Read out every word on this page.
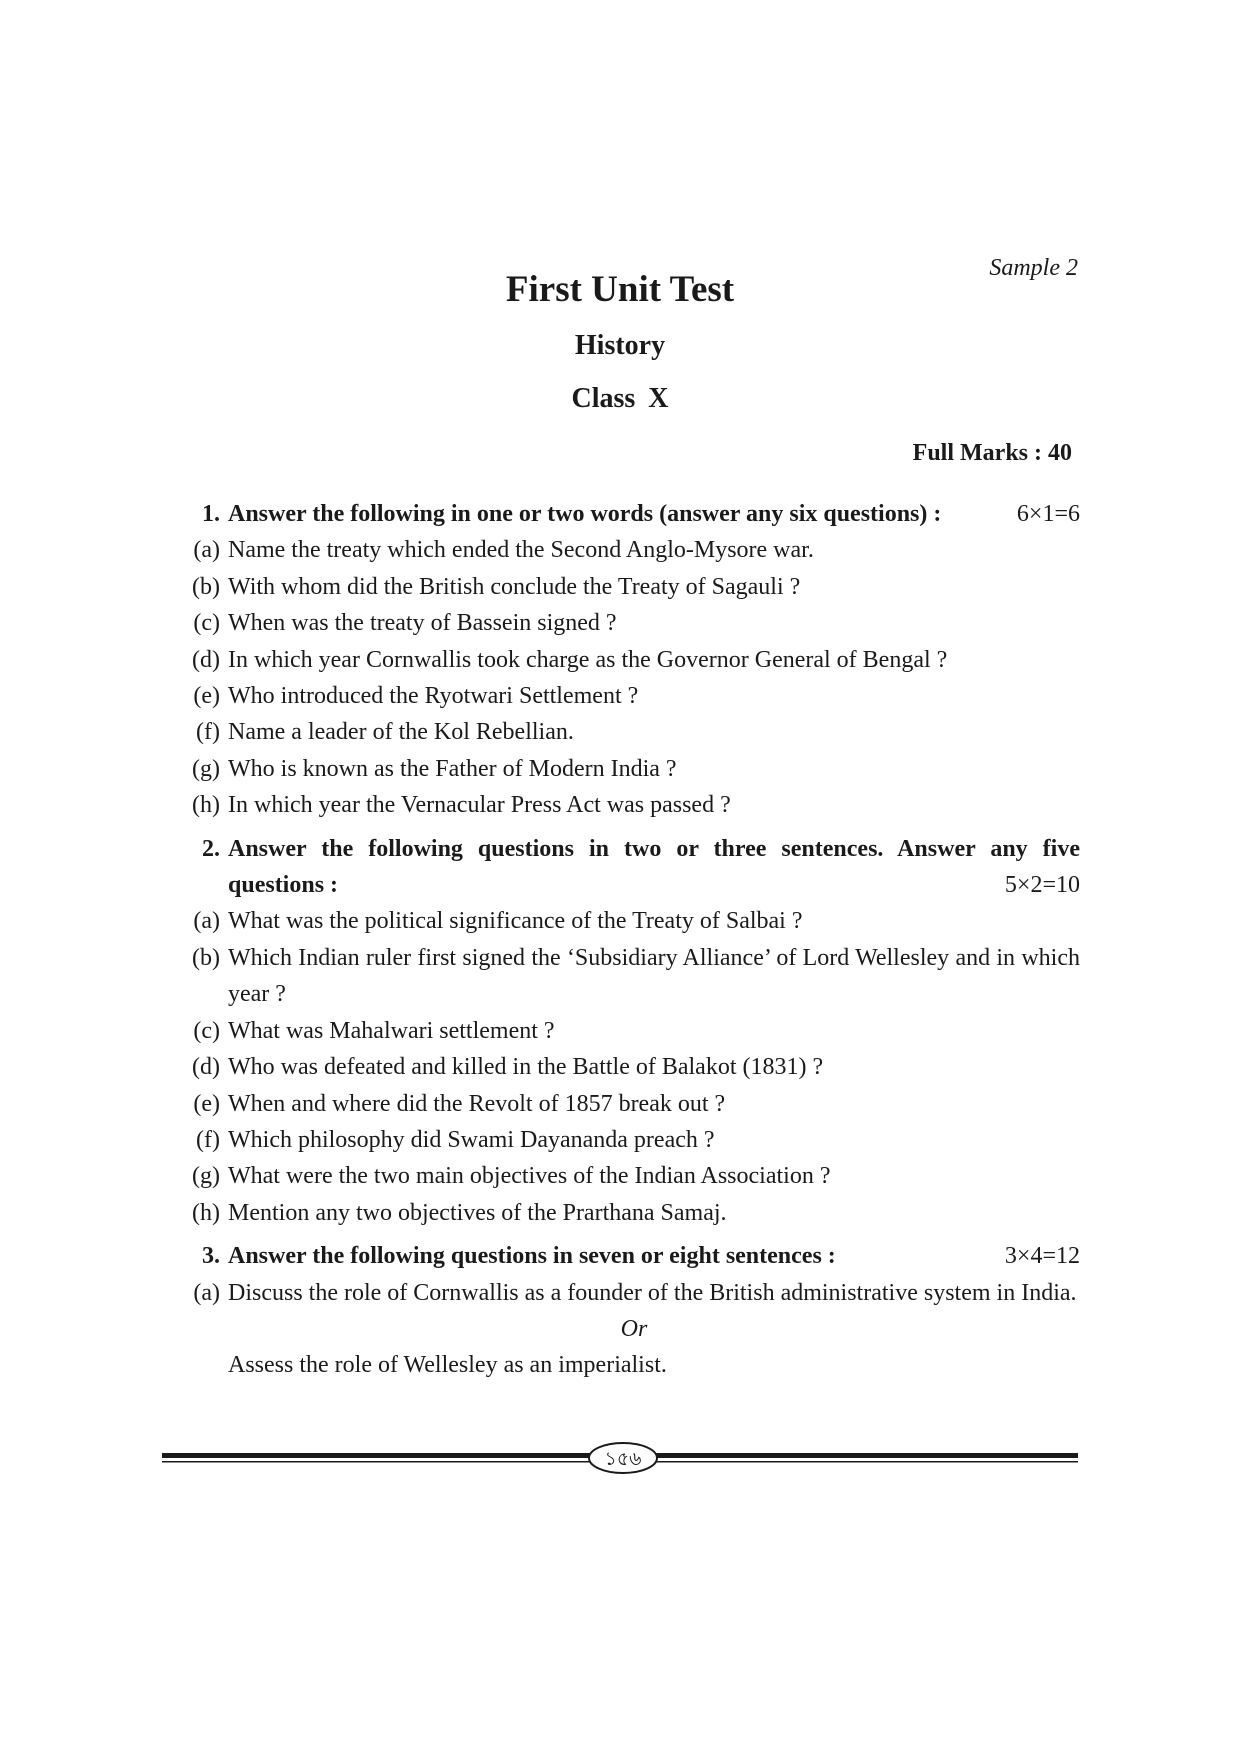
Sample 2
First Unit Test
History
Class X
Full Marks : 40
1. Answer the following in one or two words (answer any six questions) :	6×1=6
(a) Name the treaty which ended the Second Anglo-Mysore war.
(b) With whom did the British conclude the Treaty of Sagauli ?
(c) When was the treaty of Bassein signed ?
(d) In which year Cornwallis took charge as the Governor General of Bengal ?
(e) Who introduced the Ryotwari Settlement ?
(f) Name a leader of the Kol Rebellian.
(g) Who is known as the Father of Modern India ?
(h) In which year the Vernacular Press Act was passed ?
2. Answer the following questions in two or three sentences. Answer any five
questions :	5×2=10
(a) What was the political significance of the Treaty of Salbai ?
(b) Which Indian ruler first signed the ‘Subsidiary Alliance’ of Lord Wellesley and in which year ?
(c) What was Mahalwari settlement ?
(d) Who was defeated and killed in the Battle of Balakot (1831) ?
(e) When and where did the Revolt of 1857 break out ?
(f) Which philosophy did Swami Dayananda preach ?
(g) What were the two main objectives of the Indian Association ?
(h) Mention any two objectives of the Prarthana Samaj.
3. Answer the following questions in seven or eight sentences :	3×4=12
(a) Discuss the role of Cornwallis as a founder of the British administrative system in India.
Or
Assess the role of Wellesley as an imperialist.
১৫৬
